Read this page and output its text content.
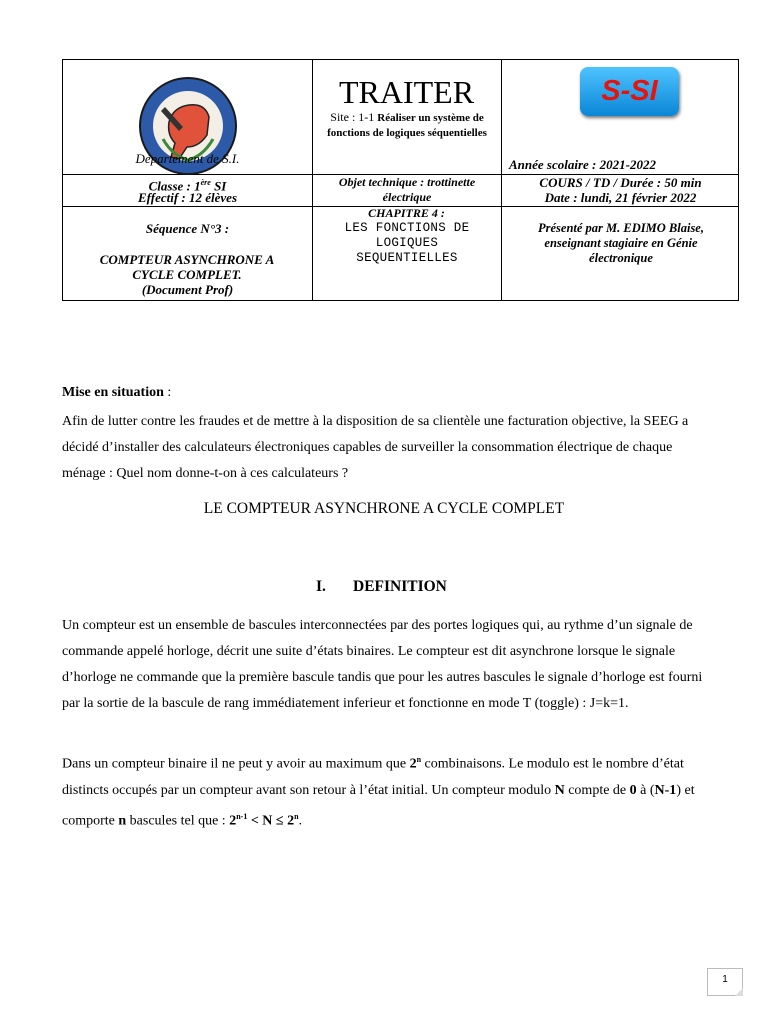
Département de S.I.
TRAITER
Site : 1-1 Réaliser un système de fonctions de logiques séquentielles
S-SI
Année scolaire : 2021-2022
Classe : 1ère SI
Effectif : 12 élèves
Objet technique : trottinette électrique
COURS / TD / Durée : 50 min
Date : lundi, 21 février 2022
Séquence N°3 :
COMPTEUR ASYNCHRONE A CYCLE COMPLET.
(Document Prof)
CHAPITRE 4 :
LES FONCTIONS DE LOGIQUES SEQUENTIELLES
Présenté par M. EDIMO Blaise, enseignant stagiaire en Génie électronique
Mise en situation :
Afin de lutter contre les fraudes et de mettre à la disposition de sa clientèle une facturation objective, la SEEG a décidé d’installer des calculateurs électroniques capables de surveiller la consommation électrique de chaque ménage : Quel nom donne-t-on à ces calculateurs ?
LE COMPTEUR ASYNCHRONE A CYCLE COMPLET
I. DEFINITION
Un compteur est un ensemble de bascules interconnectées par des portes logiques qui, au rythme d’un signale de commande appelé horloge, décrit une suite d’états binaires. Le compteur est dit asynchrone lorsque le signale d’horloge ne commande que la première bascule tandis que pour les autres bascules le signale d’horloge est fourni par la sortie de la bascule de rang immédiatement inferieur et fonctionne en mode T (toggle) : J=k=1.
Dans un compteur binaire il ne peut y avoir au maximum que 2$^n$ combinaisons. Le modulo est le nombre d’état distincts occupés par un compteur avant son retour à l’état initial. Un compteur modulo N compte de 0 à (N-1) et comporte n bascules tel que : $2^{n-1} < N \le 2^n$.
1
